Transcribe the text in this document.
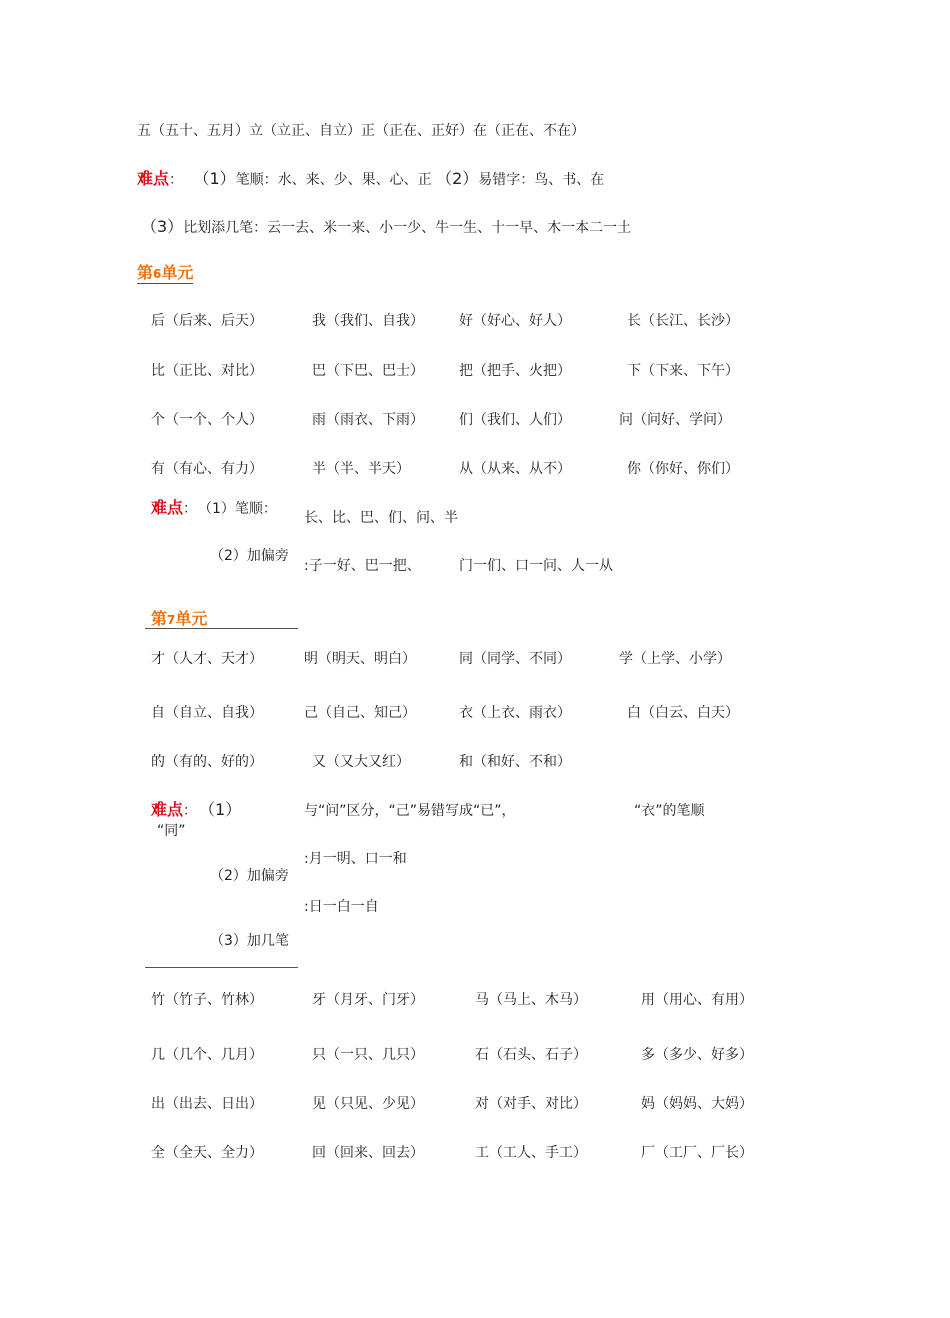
五（五十、五月）立（立正、自立）正（正在、正好）在（正在、不在）
难点： （1）笔顺：水、来、少、果、心、正 （2）易错字：鸟、书、在
（3）比划添几笔：云一去、米一来、小一少、牛一生、十一早、木一本二一土
第6单元
后（后来、后天）	我（我们、自我）	好（好心、好人）	长（长江、长沙）
比（正比、对比）	巴（下巴、巴士）	把（把手、火把）	下（下来、下午）
个（一个、个人）	雨（雨衣、下雨）	们（我们、人们）	问（问好、学问）
有（有心、有力）	半（半、半天）	从（从来、从不）	你（你好、你们）
难点： （1）笔顺：
长、比、巴、们、问、半
（2）加偏旁
:子一好、巴一把、	门一们、口一问、人一从
第7单元
才（人才、天才）	明（明天、明白）	同（同学、不同）	学（上学、小学）
自（自立、自我）	己（自己、知己）	衣（上衣、雨衣）	白（白云、白天）
的（有的、好的）	又（又大又红）	和（和好、不和）
难点： （1）
“同”
与“问”区分，“己”易错写成“已”，	“衣”的笔顺
（2）加偏旁
:月一明、口一和
:日一白一自
（3）加几笔
竹（竹子、竹林）	牙（月牙、门牙）	马（马上、木马）	用（用心、有用）
几（几个、几月）	只（一只、几只）	石（石头、石子）	多（多少、好多）
出（出去、日出）	见（只见、少见）	对（对手、对比）	妈（妈妈、大妈）
全（全天、全力）	回（回来、回去）	工（工人、手工）	厂（工厂、厂长）
